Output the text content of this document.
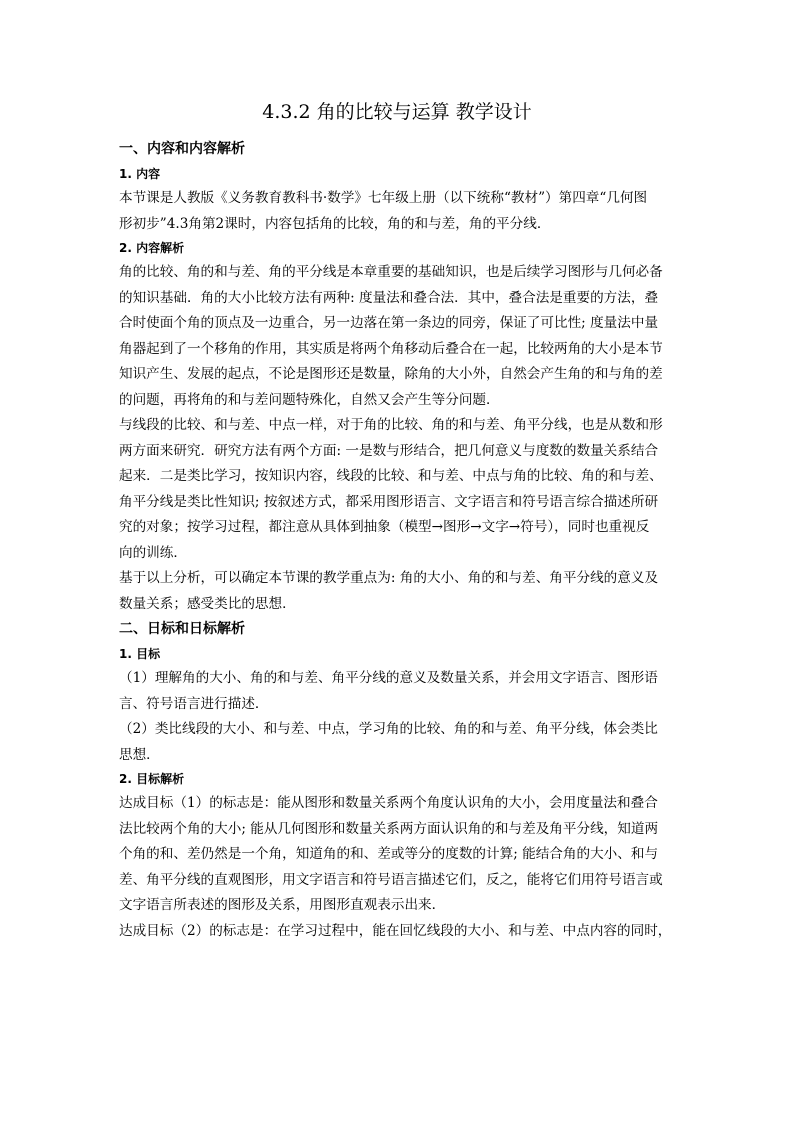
4.3.2 角的比较与运算 教学设计
一、内容和内容解析
1. 内容

本节课是人教版《义务教育教科书·数学》七年级上册（以下统称“教材”）第四章“几何图
形初步”4.3角第2课时，内容包括角的比较，角的和与差，角的平分线．

2. 内容解析

角的比较、角的和与差、角的平分线是本章重要的基础知识，也是后续学习图形与几何必备
的知识基础．角的大小比较方法有两种: 度量法和叠合法．其中，叠合法是重要的方法，叠
合时使面个角的顶点及一边重合，另一边落在第一条边的同旁，保证了可比性; 度量法中量
角器起到了一个移角的作用，其实质是将两个角移动后叠合在一起，比较两角的大小是本节
知识产生、发展的起点，不论是图形还是数量，除角的大小外，自然会产生角的和与角的差
的问题，再将角的和与差问题特殊化，自然又会产生等分问题．

与线段的比较、和与差、中点一样，对于角的比较、角的和与差、角平分线，也是从数和形
两方面来研究．研究方法有两个方面: 一是数与形结合，把几何意义与度数的数量关系结合
起来．二是类比学习，按知识内容，线段的比较、和与差、中点与角的比较、角的和与差、
角平分线是类比性知识; 按叙述方式，都采用图形语言、文字语言和符号语言综合描述所研
究的对象；按学习过程，都注意从具体到抽象（模型→图形→文字→符号），同时也重视反
向的训练．

基于以上分析，可以确定本节课的教学重点为: 角的大小、角的和与差、角平分线的意义及
数量关系；感受类比的思想．

二、日标和日标解析
1. 目标

（1）理解角的大小、角的和与差、角平分线的意义及数量关系，并会用文字语言、图形语
言、符号语言进行描述．

（2）类比线段的大小、和与差、中点，学习角的比较、角的和与差、角平分线，体会类比
思想．

2. 目标解析

达成目标（1）的标志是：能从图形和数量关系两个角度认识角的大小，会用度量法和叠合
法比较两个角的大小; 能从几何图形和数量关系两方面认识角的和与差及角平分线，知道两
个角的和、差仍然是一个角，知道角的和、差或等分的度数的计算; 能结合角的大小、和与
差、角平分线的直观图形，用文字语言和符号语言描述它们，反之，能将它们用符号语言或
文字语言所表述的图形及关系，用图形直观表示出来．

达成目标（2）的标志是：在学习过程中，能在回忆线段的大小、和与差、中点内容的同时，
